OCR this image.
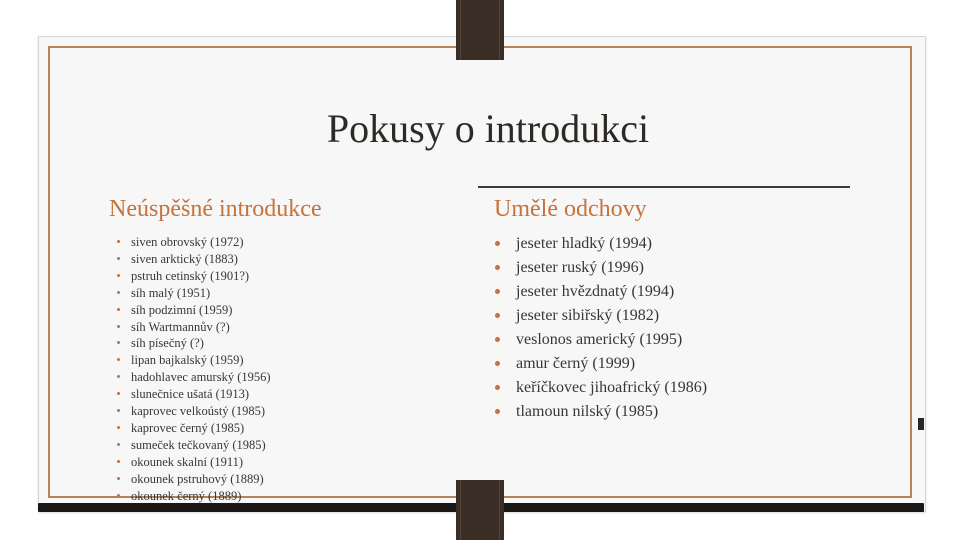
Pokusy o introdukci
Neúspěšné introdukce	Umělé odchovy
siven obrovský (1972)
siven arktický (1883)
pstruh cetinský (1901?)
síh malý (1951)
síh podzimní (1959)
síh Wartmannův (?)
síh písečný (?)
lipan bajkalský (1959)
hadohlavec amurský (1956)
slunečnice ušatá (1913)
kaprovec velkoústý (1985)
kaprovec černý (1985)
sumeček tečkovaný (1985)
okounek skalní (1911)
okounek pstruhový (1889)
okounek černý (1889)
jeseter hladký (1994)
jeseter ruský (1996)
jeseter hvězdnatý (1994)
jeseter sibiřský (1982)
veslonos americký (1995)
amur černý (1999)
keříčkovec jihoafrický (1986)
tlamoun nilský (1985)
